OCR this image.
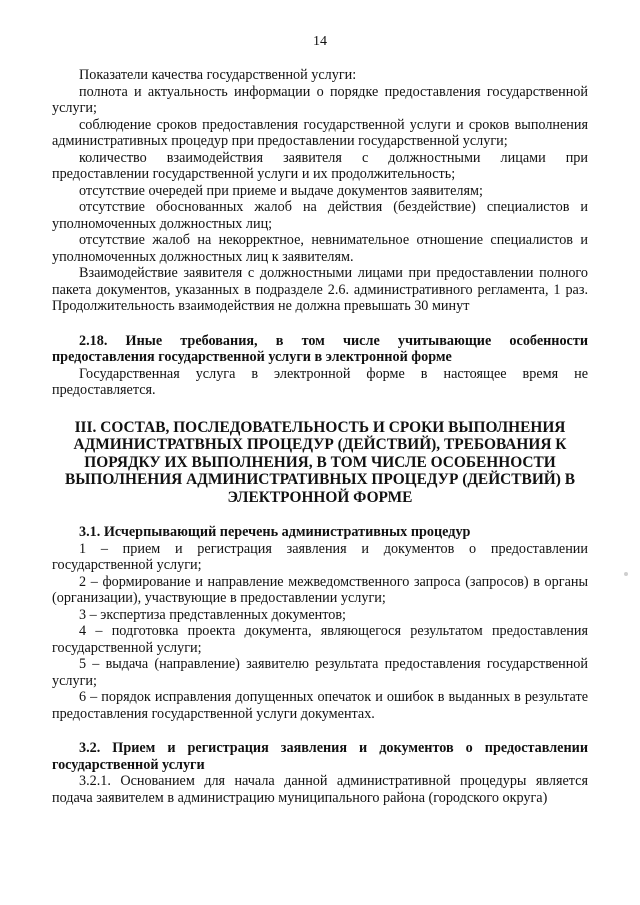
14

Показатели качества государственной услуги:

полнота и актуальность информации о порядке предоставления государственной услуги;

соблюдение сроков предоставления государственной услуги и сроков выполнения административных процедур при предоставлении государственной услуги;

количество взаимодействия заявителя с должностными лицами при предоставлении государственной услуги и их продолжительность;

отсутствие очередей при приеме и выдаче документов заявителям;

отсутствие обоснованных жалоб на действия (бездействие) специалистов и уполномоченных должностных лиц;

отсутствие жалоб на некорректное, невнимательное отношение специалистов и уполномоченных должностных лиц к заявителям.

Взаимодействие заявителя с должностными лицами при предоставлении полного пакета документов, указанных в подразделе 2.6. административного регламента, 1 раз. Продолжительность взаимодействия не должна превышать 30 минут

2.18. Иные требования, в том числе учитывающие особенности предоставления государственной услуги в электронной форме

Государственная услуга в электронной форме в настоящее время не предоставляется.

III. СОСТАВ, ПОСЛЕДОВАТЕЛЬНОСТЬ И СРОКИ ВЫПОЛНЕНИЯ АДМИНИСТРАТВНЫХ ПРОЦЕДУР (ДЕЙСТВИЙ), ТРЕБОВАНИЯ К ПОРЯДКУ ИХ ВЫПОЛНЕНИЯ, В ТОМ ЧИСЛЕ ОСОБЕННОСТИ ВЫПОЛНЕНИЯ АДМИНИСТРАТИВНЫХ ПРОЦЕДУР (ДЕЙСТВИЙ) В ЭЛЕКТРОННОЙ ФОРМЕ

3.1. Исчерпывающий перечень административных процедур

1 – прием и регистрация заявления и документов о предоставлении государственной услуги;

2 – формирование и направление межведомственного запроса (запросов) в органы (организации), участвующие в предоставлении услуги;

3 – экспертиза представленных документов;

4 – подготовка проекта документа, являющегося результатом предоставления государственной услуги;

5 – выдача (направление) заявителю результата предоставления государственной услуги;

6 – порядок исправления допущенных опечаток и ошибок в выданных в результате предоставления государственной услуги документах.

3.2. Прием и регистрация заявления и документов о предоставлении государственной услуги

3.2.1. Основанием для начала данной административной процедуры является подача заявителем в администрацию муниципального района (городского округа)
